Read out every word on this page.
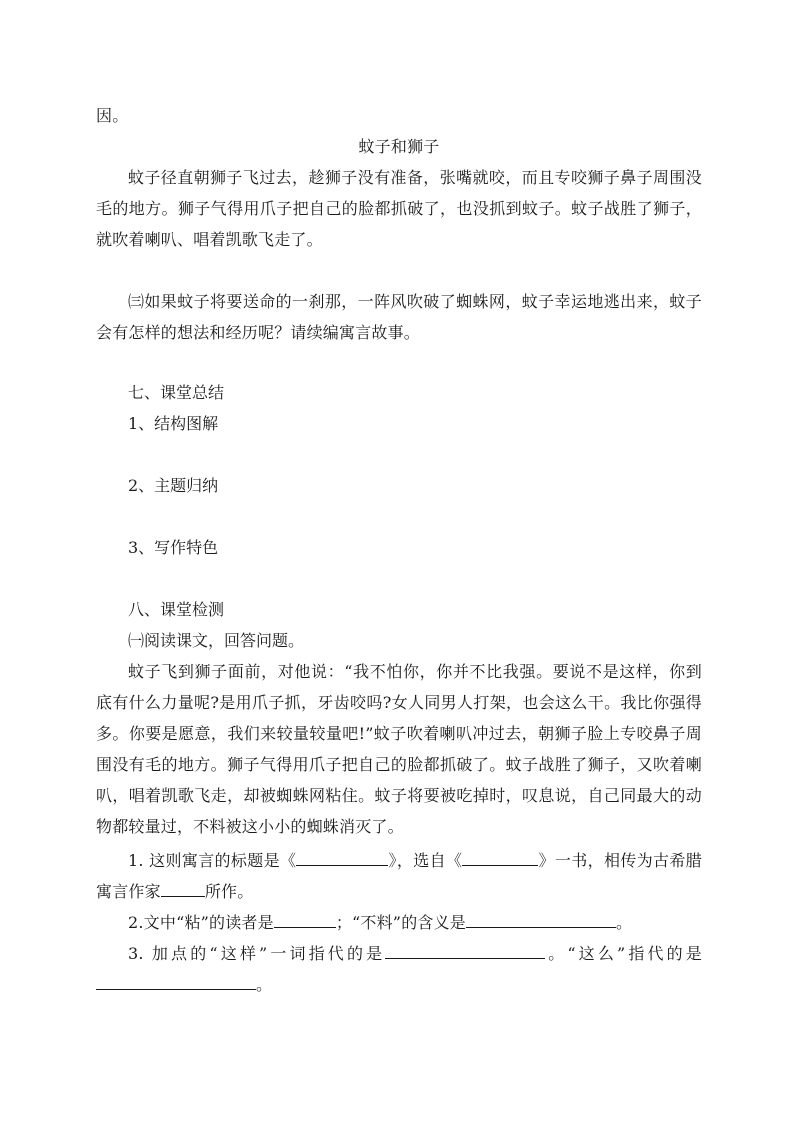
因。

蚊子和狮子

蚊子径直朝狮子飞过去，趁狮子没有准备，张嘴就咬，而且专咬狮子鼻子周围没毛的地方。狮子气得用爪子把自己的脸都抓破了，也没抓到蚊子。蚊子战胜了狮子，就吹着喇叭、唱着凯歌飞走了。

㈢如果蚊子将要送命的一刹那，一阵风吹破了蜘蛛网，蚊子幸运地逃出来，蚊子会有怎样的想法和经历呢？请续编寓言故事。

七、课堂总结
1、结构图解
2、主题归纳
3、写作特色
八、课堂检测
㈠阅读课文，回答问题。

蚊子飞到狮子面前，对他说：“我不怕你，你并不比我强。要说不是这样，你到底有什么力量呢?是用爪子抓，牙齿咬吗?女人同男人打架，也会这么干。我比你强得多。你要是愿意，我们来较量较量吧!”蚊子吹着喇叭冲过去，朝狮子脸上专咬鼻子周围没有毛的地方。狮子气得用爪子把自己的脸都抓破了。蚊子战胜了狮子，又吹着喇叭，唱着凯歌飞走，却被蜘蛛网粘住。蚊子将要被吃掉时，叹息说，自己同最大的动物都较量过，不料被这小小的蜘蛛消灭了。

1. 这则寓言的标题是《	》，选自《	》一书，相传为古希腊寓言作家	所作。

2.文中“粘”的读者是	；“不料”的含义是	。

3. 加点的“这样”一词指代的是	。“这么”指代的是。
